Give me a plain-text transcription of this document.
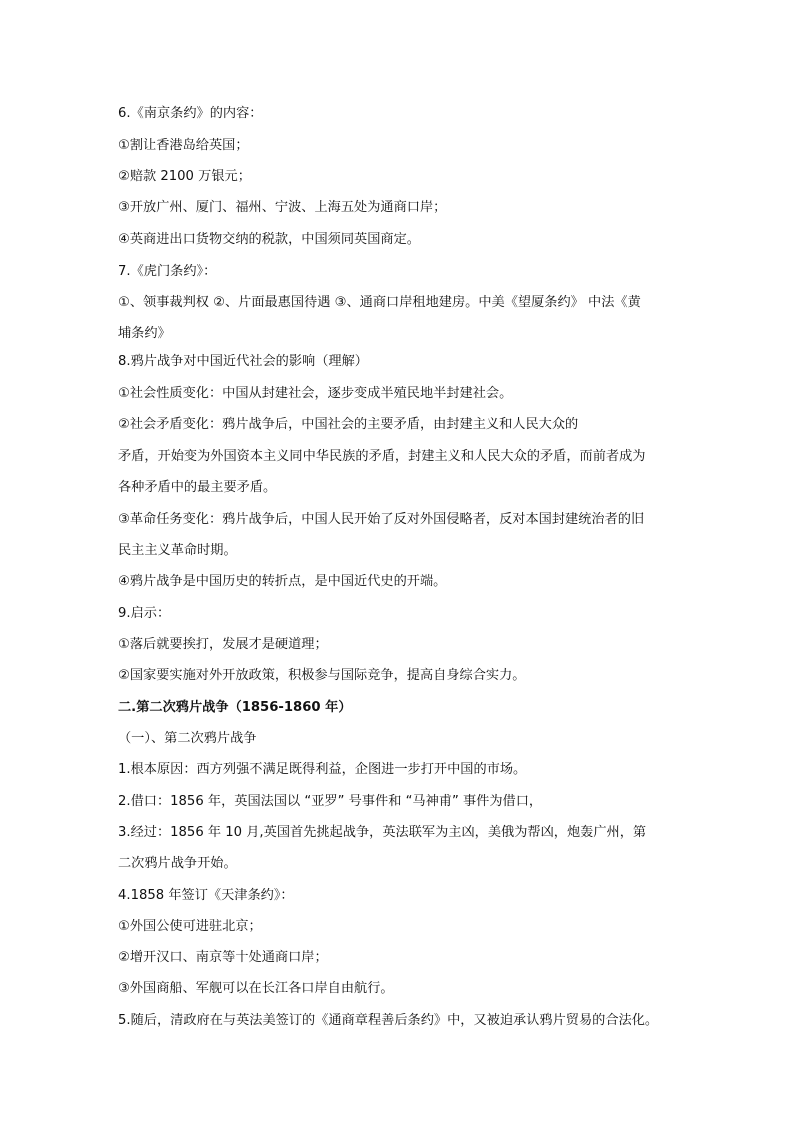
6.《南京条约》的内容：
①割让香港岛给英国；
②赔款 2100 万银元；
③开放广州、厦门、福州、宁波、上海五处为通商口岸；
④英商进出口货物交纳的税款，中国须同英国商定。
7.《虎门条约》：
①、领事裁判权 ②、片面最惠国待遇 ③、通商口岸租地建房。中美《望厦条约》 中法《黄
埔条约》
8.鸦片战争对中国近代社会的影响（理解）
①社会性质变化：中国从封建社会，逐步变成半殖民地半封建社会。
②社会矛盾变化：鸦片战争后，中国社会的主要矛盾，由封建主义和人民大众的
矛盾，开始变为外国资本主义同中华民族的矛盾，封建主义和人民大众的矛盾，而前者成为
各种矛盾中的最主要矛盾。
③革命任务变化：鸦片战争后，中国人民开始了反对外国侵略者，反对本国封建统治者的旧
民主主义革命时期。
④鸦片战争是中国历史的转折点，是中国近代史的开端。
9.启示：
①落后就要挨打，发展才是硬道理；
②国家要实施对外开放政策，积极参与国际竞争，提高自身综合实力。
二.第二次鸦片战争（1856-1860 年）
（一）、第二次鸦片战争
1.根本原因：西方列强不满足既得利益，企图进一步打开中国的市场。
2.借口：1856 年，英国法国以 “亚罗” 号事件和 “马神甫” 事件为借口，
3.经过：1856 年 10 月,英国首先挑起战争，英法联军为主凶，美俄为帮凶，炮轰广州，第
二次鸦片战争开始。
4.1858 年签订《天津条约》：
①外国公使可进驻北京；
②增开汉口、南京等十处通商口岸；
③外国商船、军舰可以在长江各口岸自由航行。
5.随后，清政府在与英法美签订的《通商章程善后条约》中，又被迫承认鸦片贸易的合法化。
